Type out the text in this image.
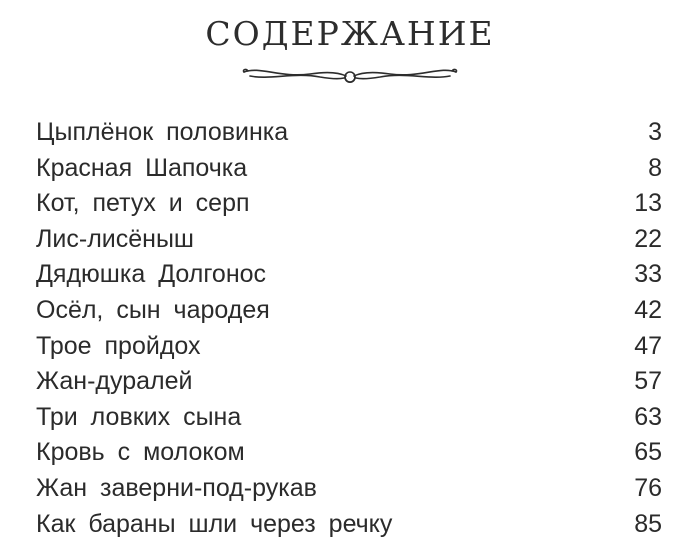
СОДЕРЖАНИЕ
Цыплёнок половинка .....	3
Красная Шапочка .....	8
Кот, петух и серп .....	13
Лис-лисёныш .....	22
Дядюшка Долгонос .....	33
Осёл, сын чародея .....	42
Трое пройдох .....	47
Жан-дуралей .....	57
Три ловких сына .....	63
Кровь с молоком .....	65
Жан заверни-под-рукав .....	76
Как бараны шли через речку .....	85
